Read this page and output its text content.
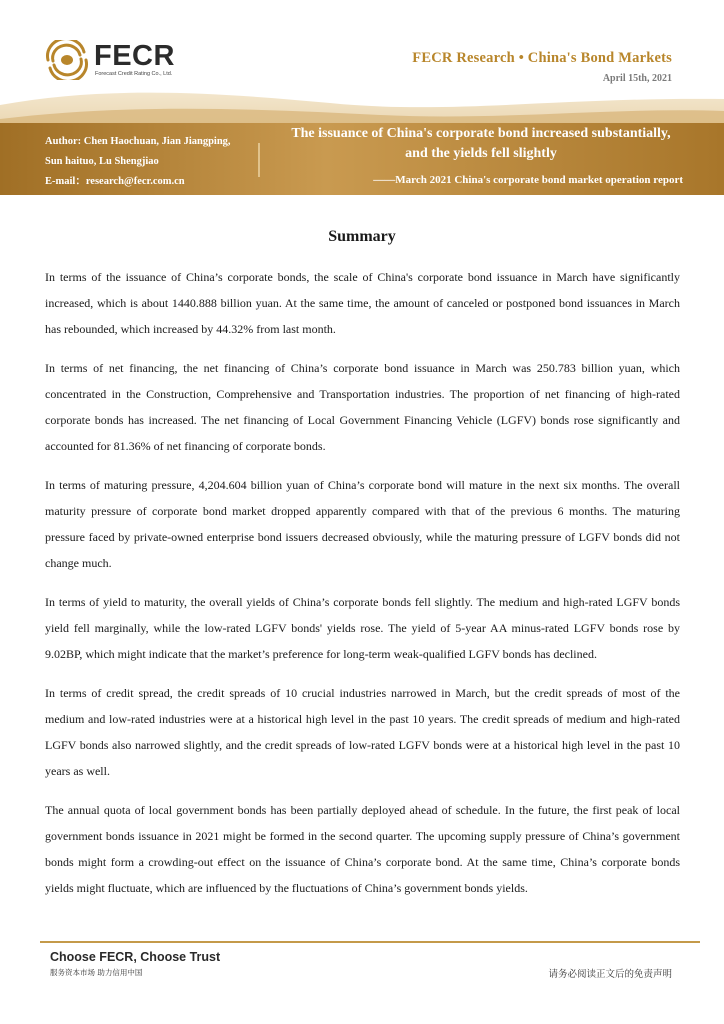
FECR
Forecast Credit Rating Co., Ltd.
FECR Research • China's Bond Markets
April 15th, 2021
Author: Chen Haochuan, Jian Jiangping,
Sun haituo, Lu Shengjiao
E-mail：research@fecr.com.cn
The issuance of China's corporate bond increased substantially,
and the yields fell slightly
——March 2021 China's corporate bond market operation report
Summary

In terms of the issuance of China’s corporate bonds, the scale of China's corporate bond issuance in March have significantly increased, which is about 1440.888 billion yuan. At the same time, the amount of canceled or postponed bond issuances in March has rebounded, which increased by 44.32% from last month.

In terms of net financing, the net financing of China’s corporate bond issuance in March was 250.783 billion yuan, which concentrated in the Construction, Comprehensive and Transportation industries. The proportion of net financing of high-rated corporate bonds has increased. The net financing of Local Government Financing Vehicle (LGFV) bonds rose significantly and accounted for 81.36% of net financing of corporate bonds.

In terms of maturing pressure, 4,204.604 billion yuan of China’s corporate bond will mature in the next six months. The overall maturity pressure of corporate bond market dropped apparently compared with that of the previous 6 months. The maturing pressure faced by private-owned enterprise bond issuers decreased obviously, while the maturing pressure of LGFV bonds did not change much.

In terms of yield to maturity, the overall yields of China’s corporate bonds fell slightly. The medium and high-rated LGFV bonds yield fell marginally, while the low-rated LGFV bonds' yields rose. The yield of 5-year AA minus-rated LGFV bonds rose by 9.02BP, which might indicate that the market’s preference for long-term weak-qualified LGFV bonds has declined.

In terms of credit spread, the credit spreads of 10 crucial industries narrowed in March, but the credit spreads of most of the medium and low-rated industries were at a historical high level in the past 10 years. The credit spreads of medium and high-rated LGFV bonds also narrowed slightly, and the credit spreads of low-rated LGFV bonds were at a historical high level in the past 10 years as well.

The annual quota of local government bonds has been partially deployed ahead of schedule. In the future, the first peak of local government bonds issuance in 2021 might be formed in the second quarter. The upcoming supply pressure of China’s government bonds might form a crowding-out effect on the issuance of China’s corporate bond. At the same time, China’s corporate bonds yields might fluctuate, which are influenced by the fluctuations of China’s government bonds yields.

Choose FECR, Choose Trust
服务资本市场 助力信用中国	请务必阅读正文后的免责声明
